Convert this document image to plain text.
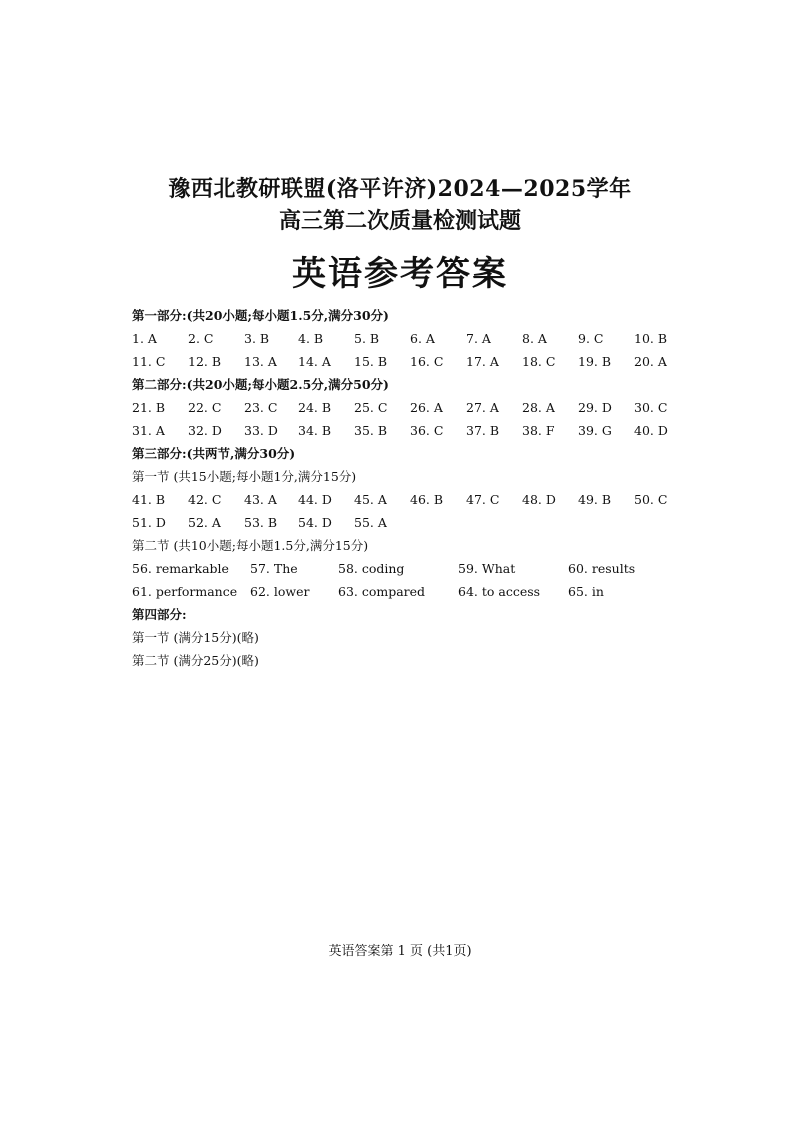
豫西北教研联盟(洛平许济)2024—2025学年
高三第二次质量检测试题
英语参考答案
第一部分:(共20小题;每小题1.5分,满分30分)
1. A 2. C 3. B 4. B 5. B 6. A 7. A 8. A 9. C 10. B
11. C 12. B 13. A 14. A 15. B 16. C 17. A 18. C 19. B 20. A
第二部分:(共20小题;每小题2.5分,满分50分)
21. B 22. C 23. C 24. B 25. C 26. A 27. A 28. A 29. D 30. C
31. A 32. D 33. D 34. B 35. B 36. C 37. B 38. F 39. G 40. D
第三部分:(共两节,满分30分)
第一节 (共15小题;每小题1分,满分15分)
41. B 42. C 43. A 44. D 45. A 46. B 47. C 48. D 49. B 50. C
51. D 52. A 53. B 54. D 55. A
第二节 (共10小题;每小题1.5分,满分15分)
56. remarkable 57. The	58. coding	59. What	60. results
61. performance 62. lower 63. compared	64. to access 65. in
第四部分:
第一节 (满分15分)(略)
第二节 (满分25分)(略)
英语答案第 1 页 (共1页)
